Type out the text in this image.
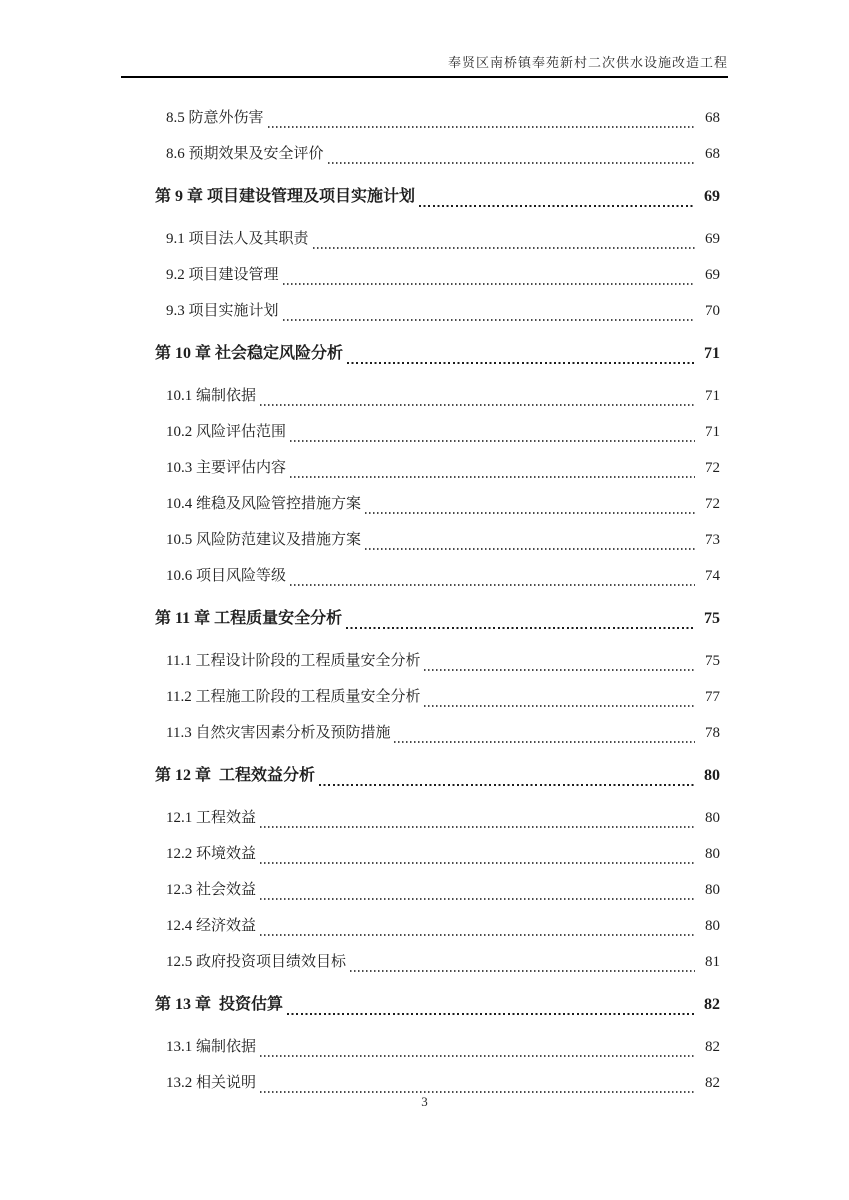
奉贤区南桥镇奉苑新村二次供水设施改造工程
8.5 防意外伤害	68
8.6 预期效果及安全评价	68
第 9 章 项目建设管理及项目实施计划	69
9.1 项目法人及其职责	69
9.2 项目建设管理	69
9.3 项目实施计划	70
第 10 章 社会稳定风险分析	71
10.1 编制依据	71
10.2 风险评估范围	71
10.3 主要评估内容	72
10.4 维稳及风险管控措施方案	72
10.5 风险防范建议及措施方案	73
10.6 项目风险等级	74
第 11 章 工程质量安全分析	75
11.1 工程设计阶段的工程质量安全分析	75
11.2 工程施工阶段的工程质量安全分析	77
11.3 自然灾害因素分析及预防措施	78
第 12 章  工程效益分析	80
12.1 工程效益	80
12.2 环境效益	80
12.3 社会效益	80
12.4 经济效益	80
12.5 政府投资项目绩效目标	81
第 13 章  投资估算	82
13.1 编制依据	82
13.2 相关说明	82
3
